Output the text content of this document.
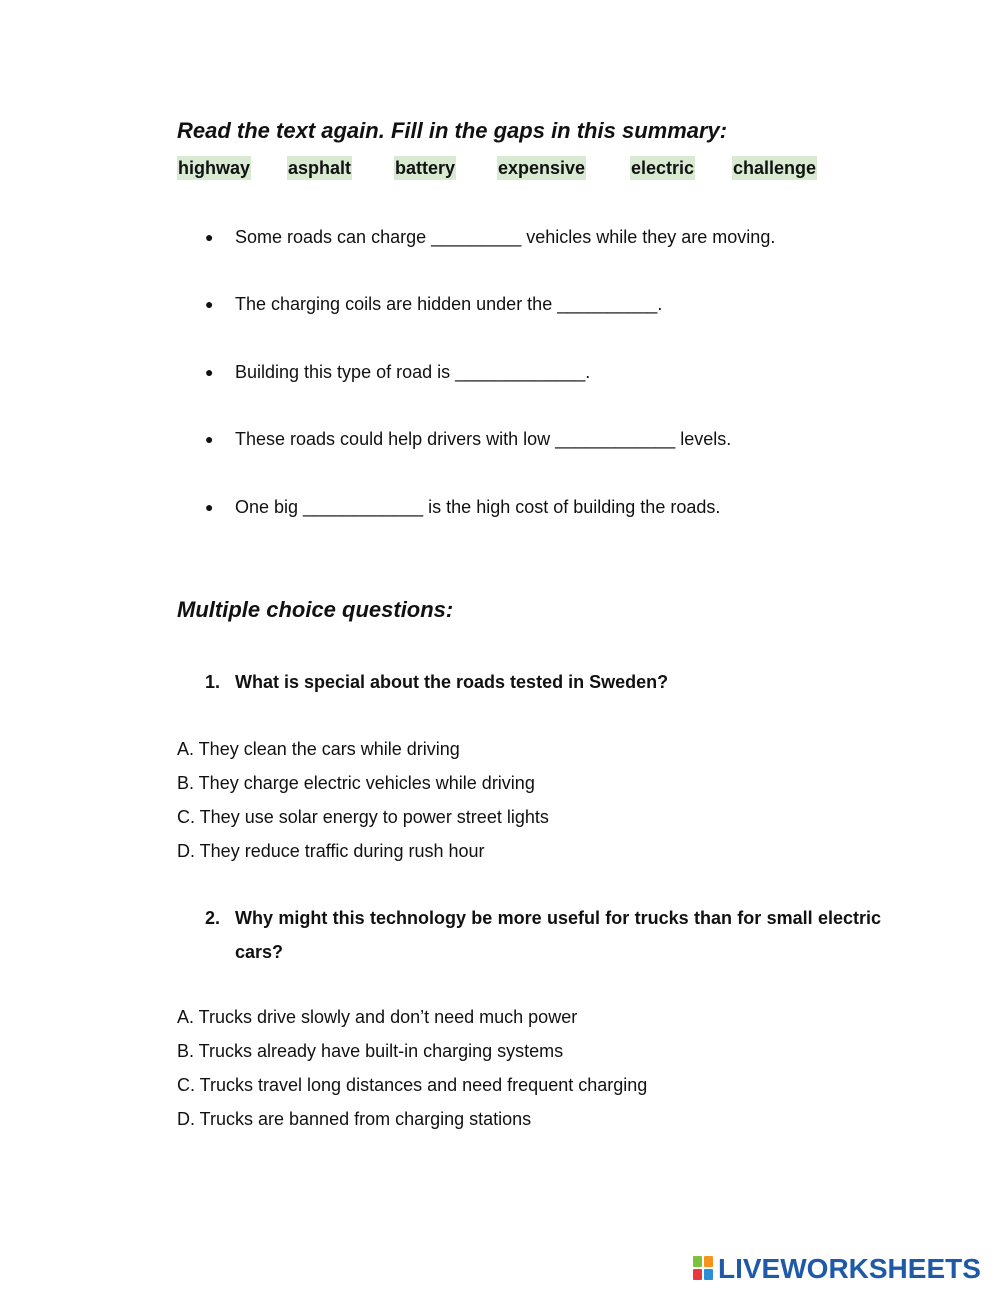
Read the text again. Fill in the gaps in this summary:
highway asphalt battery expensive	electric challenge
● Some roads can charge _________ vehicles while they are moving.
● The charging coils are hidden under the __________.
● Building this type of road is _____________.
● These roads could help drivers with low ____________ levels.
● One big ____________ is the high cost of building the roads.
Multiple choice questions:
1. What is special about the roads tested in Sweden?
A. They clean the cars while driving
B. They charge electric vehicles while driving
C. They use solar energy to power street lights
D. They reduce traffic during rush hour
2. Why might this technology be more useful for trucks than for small electric cars?
A. Trucks drive slowly and don’t need much power
B. Trucks already have built-in charging systems
C. Trucks travel long distances and need frequent charging
D. Trucks are banned from charging stations
LIVEWORKSHEETS
